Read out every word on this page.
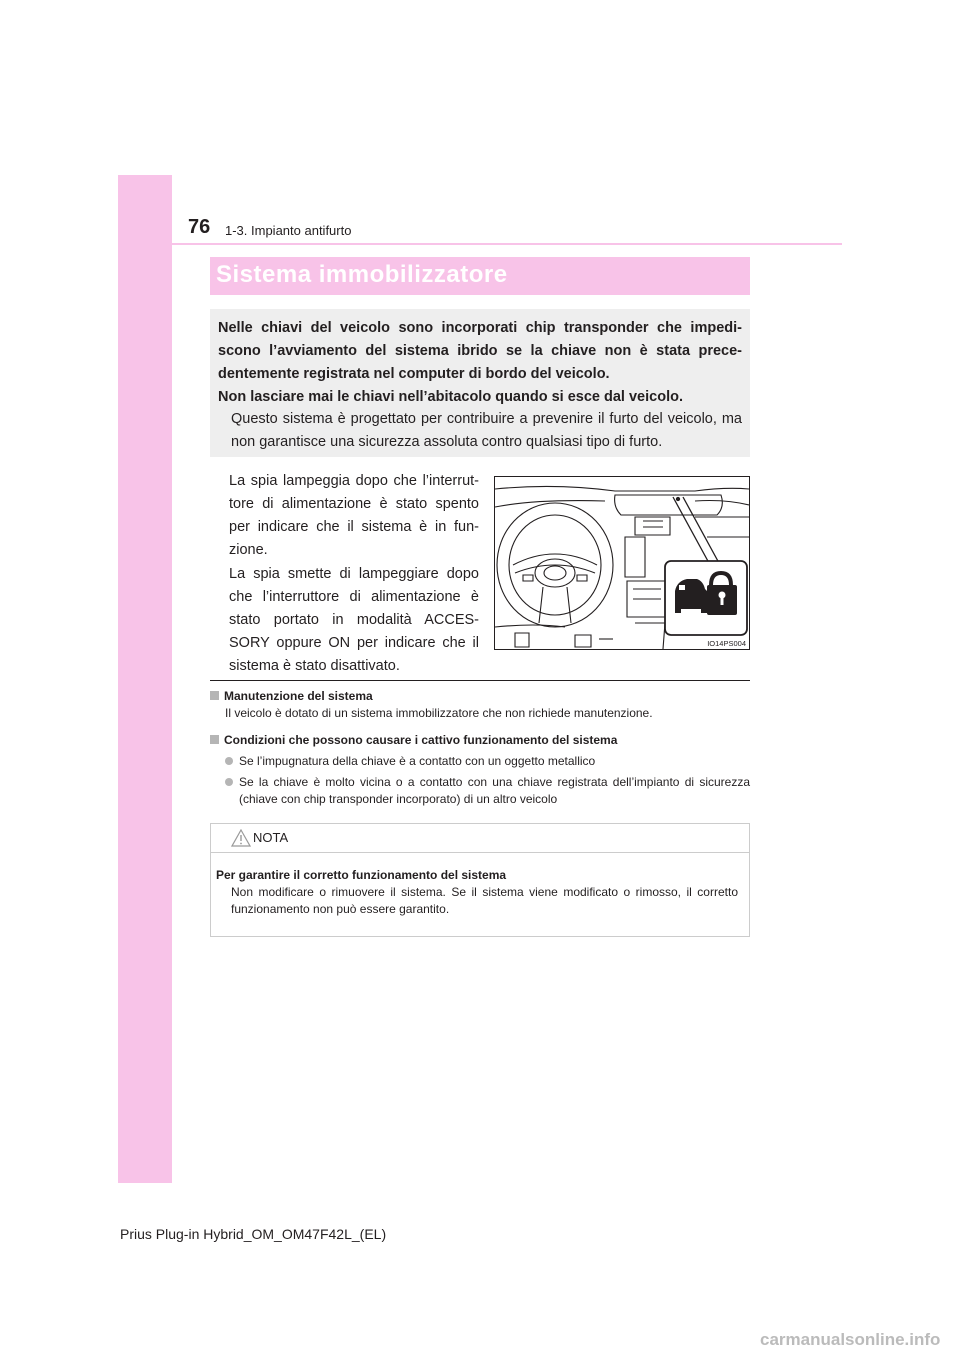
76 1-3. Impianto antifurto
Sistema immobilizzatore
Nelle chiavi del veicolo sono incorporati chip transponder che impedi-scono l’avviamento del sistema ibrido se la chiave non è stata prece-dentemente registrata nel computer di bordo del veicolo.
Non lasciare mai le chiavi nell’abitacolo quando si esce dal veicolo.
Questo sistema è progettato per contribuire a prevenire il furto del veicolo, ma non garantisce una sicurezza assoluta contro qualsiasi tipo di furto.
La spia lampeggia dopo che l’interrut-tore di alimentazione è stato spento per indicare che il sistema è in fun-zione.
La spia smette di lampeggiare dopo che l’interruttore di alimentazione è stato portato in modalità ACCES-SORY oppure ON per indicare che il sistema è stato disattivato.
IO14PS004
Manutenzione del sistema
Il veicolo è dotato di un sistema immobilizzatore che non richiede manutenzione.
Condizioni che possono causare i cattivo funzionamento del sistema
Se l’impugnatura della chiave è a contatto con un oggetto metallico
Se la chiave è molto vicina o a contatto con una chiave registrata dell’impianto di sicurezza (chiave con chip transponder incorporato) di un altro veicolo
NOTA
Per garantire il corretto funzionamento del sistema
Non modificare o rimuovere il sistema. Se il sistema viene modificato o rimosso, il corretto funzionamento non può essere garantito.
Prius Plug-in Hybrid_OM_OM47F42L_(EL)
carmanualsonline.info
